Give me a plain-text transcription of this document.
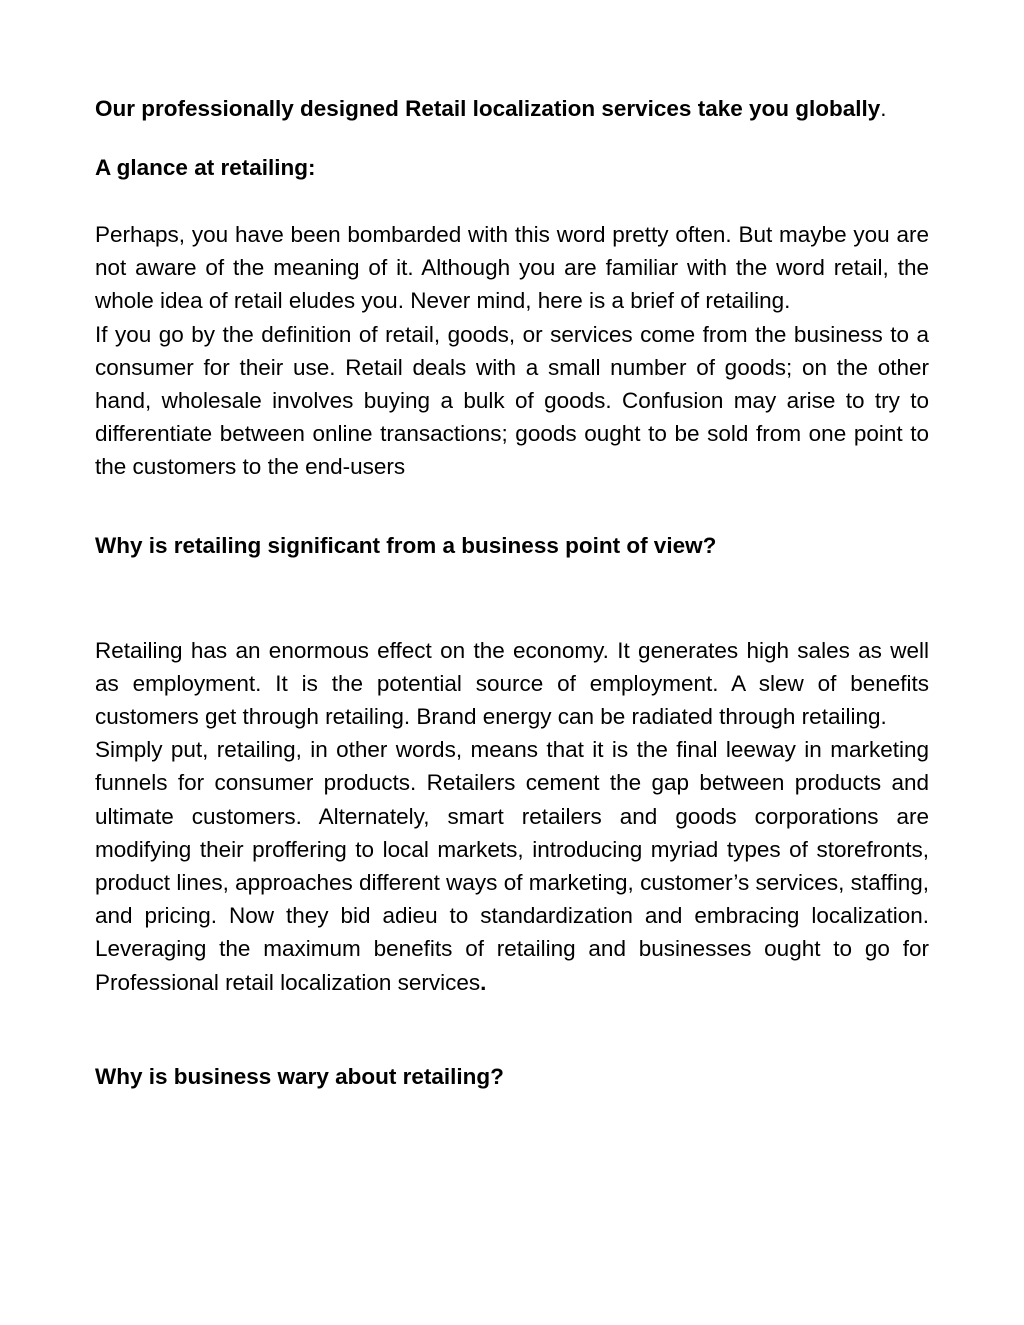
Our professionally designed Retail localization services take you globally.

A glance at retailing:

Perhaps, you have been bombarded with this word pretty often. But maybe you are not aware of the meaning of it. Although you are familiar with the word retail, the whole idea of retail eludes you. Never mind, here is a brief of retailing.

If you go by the definition of retail, goods, or services come from the business to a consumer for their use. Retail deals with a small number of goods; on the other hand, wholesale involves buying a bulk of goods. Confusion may arise to try to differentiate between online transactions; goods ought to be sold from one point to the customers to the end-users

Why is retailing significant from a business point of view?

Retailing has an enormous effect on the economy. It generates high sales as well as employment. It is the potential source of employment. A slew of benefits customers get through retailing. Brand energy can be radiated through retailing.

Simply put, retailing, in other words, means that it is the final leeway in marketing funnels for consumer products. Retailers cement the gap between products and ultimate customers. Alternately, smart retailers and goods corporations are modifying their proffering to local markets, introducing myriad types of storefronts, product lines, approaches different ways of marketing, customer’s services, staffing, and pricing. Now they bid adieu to standardization and embracing localization. Leveraging the maximum benefits of retailing and businesses ought to go for Professional retail localization services.

Why is business wary about retailing?
